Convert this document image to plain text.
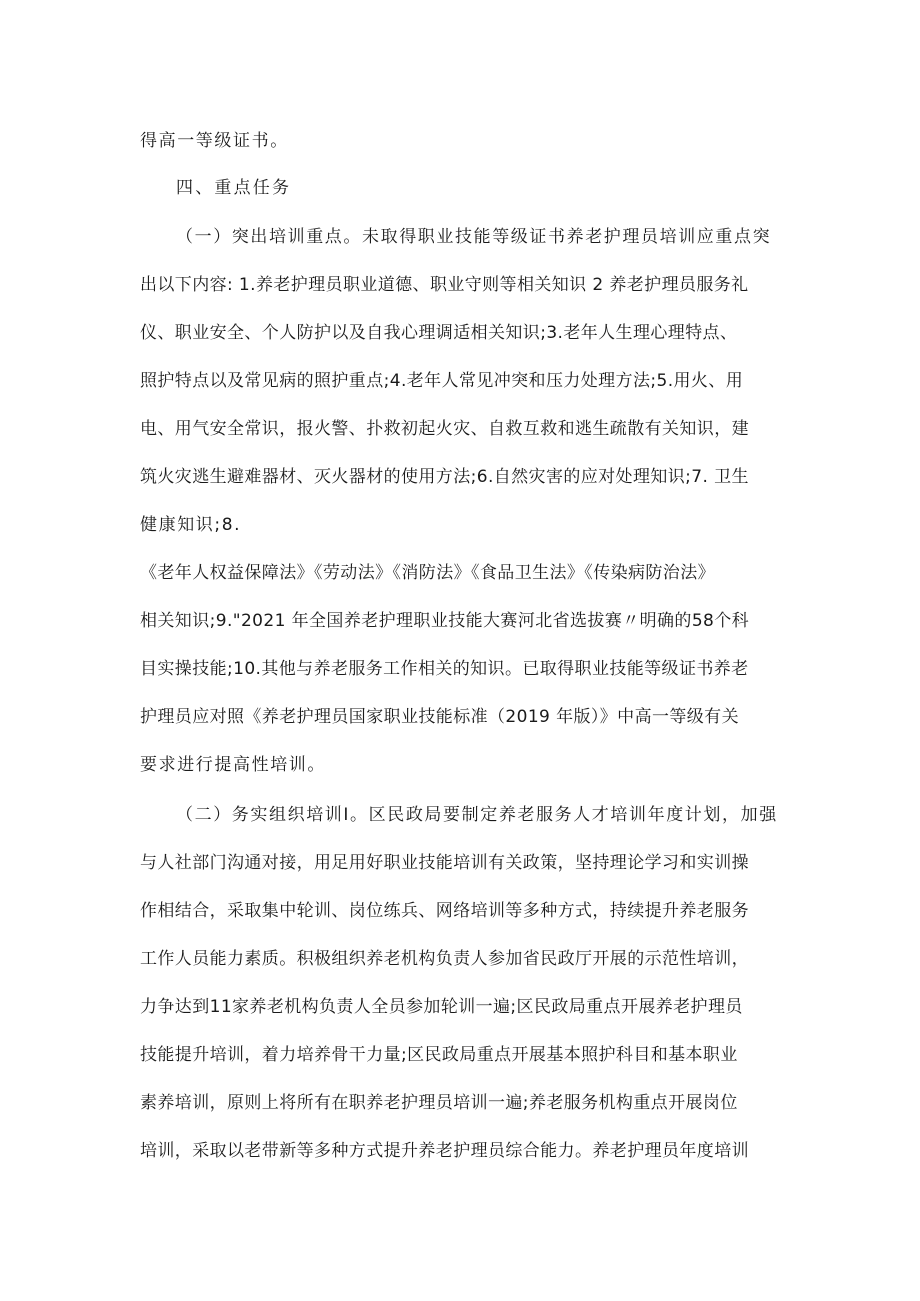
得高一等级证书。
四、重点任务
（一）突出培训重点。未取得职业技能等级证书养老护理员培训应重点突
出以下内容: 1.养老护理员职业道德、职业守则等相关知识 2 养老护理员服务礼
仪、职业安全、个人防护以及自我心理调适相关知识;3.老年人生理心理特点、
照护特点以及常见病的照护重点;4.老年人常见冲突和压力处理方法;5.用火、用
电、用气安全常识，报火警、扑救初起火灾、自救互救和逃生疏散有关知识，建
筑火灾逃生避难器材、灭火器材的使用方法;6.自然灾害的应对处理知识;7. 卫生
健康知识;8.
《老年人权益保障法》《劳动法》《消防法》《食品卫生法》《传染病防治法》
相关知识;9."2021 年全国养老护理职业技能大赛河北省选拔赛〃明确的58个科
目实操技能;10.其他与养老服务工作相关的知识。已取得职业技能等级证书养老
护理员应对照《养老护理员国家职业技能标准（2019 年版）》中高一等级有关
要求进行提高性培训。
（二）务实组织培训I。区民政局要制定养老服务人才培训年度计划，加强
与人社部门沟通对接，用足用好职业技能培训有关政策，坚持理论学习和实训操
作相结合，采取集中轮训、岗位练兵、网络培训等多种方式，持续提升养老服务
工作人员能力素质。积极组织养老机构负责人参加省民政厅开展的示范性培训，
力争达到11家养老机构负责人全员参加轮训一遍;区民政局重点开展养老护理员
技能提升培训，着力培养骨干力量;区民政局重点开展基本照护科目和基本职业
素养培训，原则上将所有在职养老护理员培训一遍;养老服务机构重点开展岗位
培训，采取以老带新等多种方式提升养老护理员综合能力。养老护理员年度培训
